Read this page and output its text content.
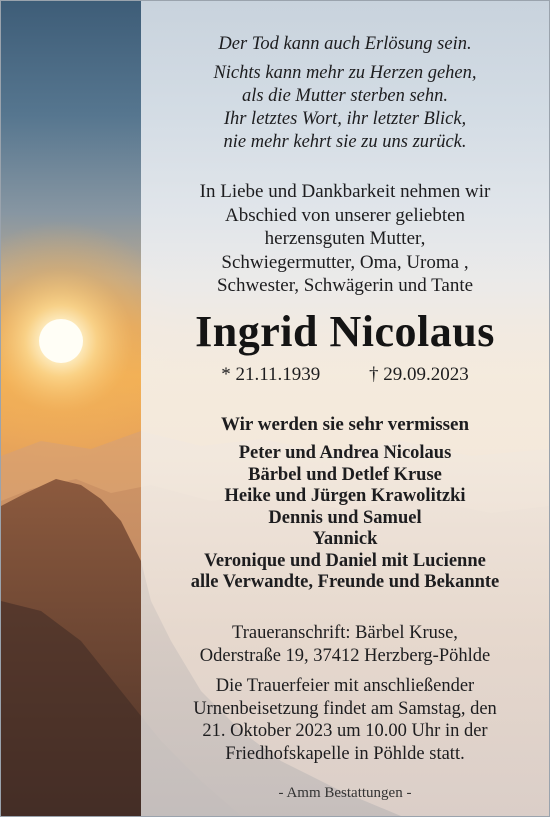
Der Tod kann auch Erlösung sein.
Nichts kann mehr zu Herzen gehen,
als die Mutter sterben sehn.
Ihr letztes Wort, ihr letzter Blick,
nie mehr kehrt sie zu uns zurück.
In Liebe und Dankbarkeit nehmen wir
Abschied von unserer geliebten
herzensguten Mutter,
Schwiegermutter, Oma, Uroma ,
Schwester, Schwägerin und Tante
Ingrid Nicolaus
* 21.11.1939	† 29.09.2023
Wir werden sie sehr vermissen
Peter und Andrea Nicolaus
Bärbel und Detlef Kruse
Heike und Jürgen Krawolitzki
Dennis und Samuel
Yannick
Veronique und Daniel mit Lucienne
alle Verwandte, Freunde und Bekannte
Traueranschrift: Bärbel Kruse,
Oderstraße 19, 37412 Herzberg-Pöhlde
Die Trauerfeier mit anschließender
Urnenbeisetzung findet am Samstag, den
21. Oktober 2023 um 10.00 Uhr in der
Friedhofskapelle in Pöhlde statt.
- Amm Bestattungen -
